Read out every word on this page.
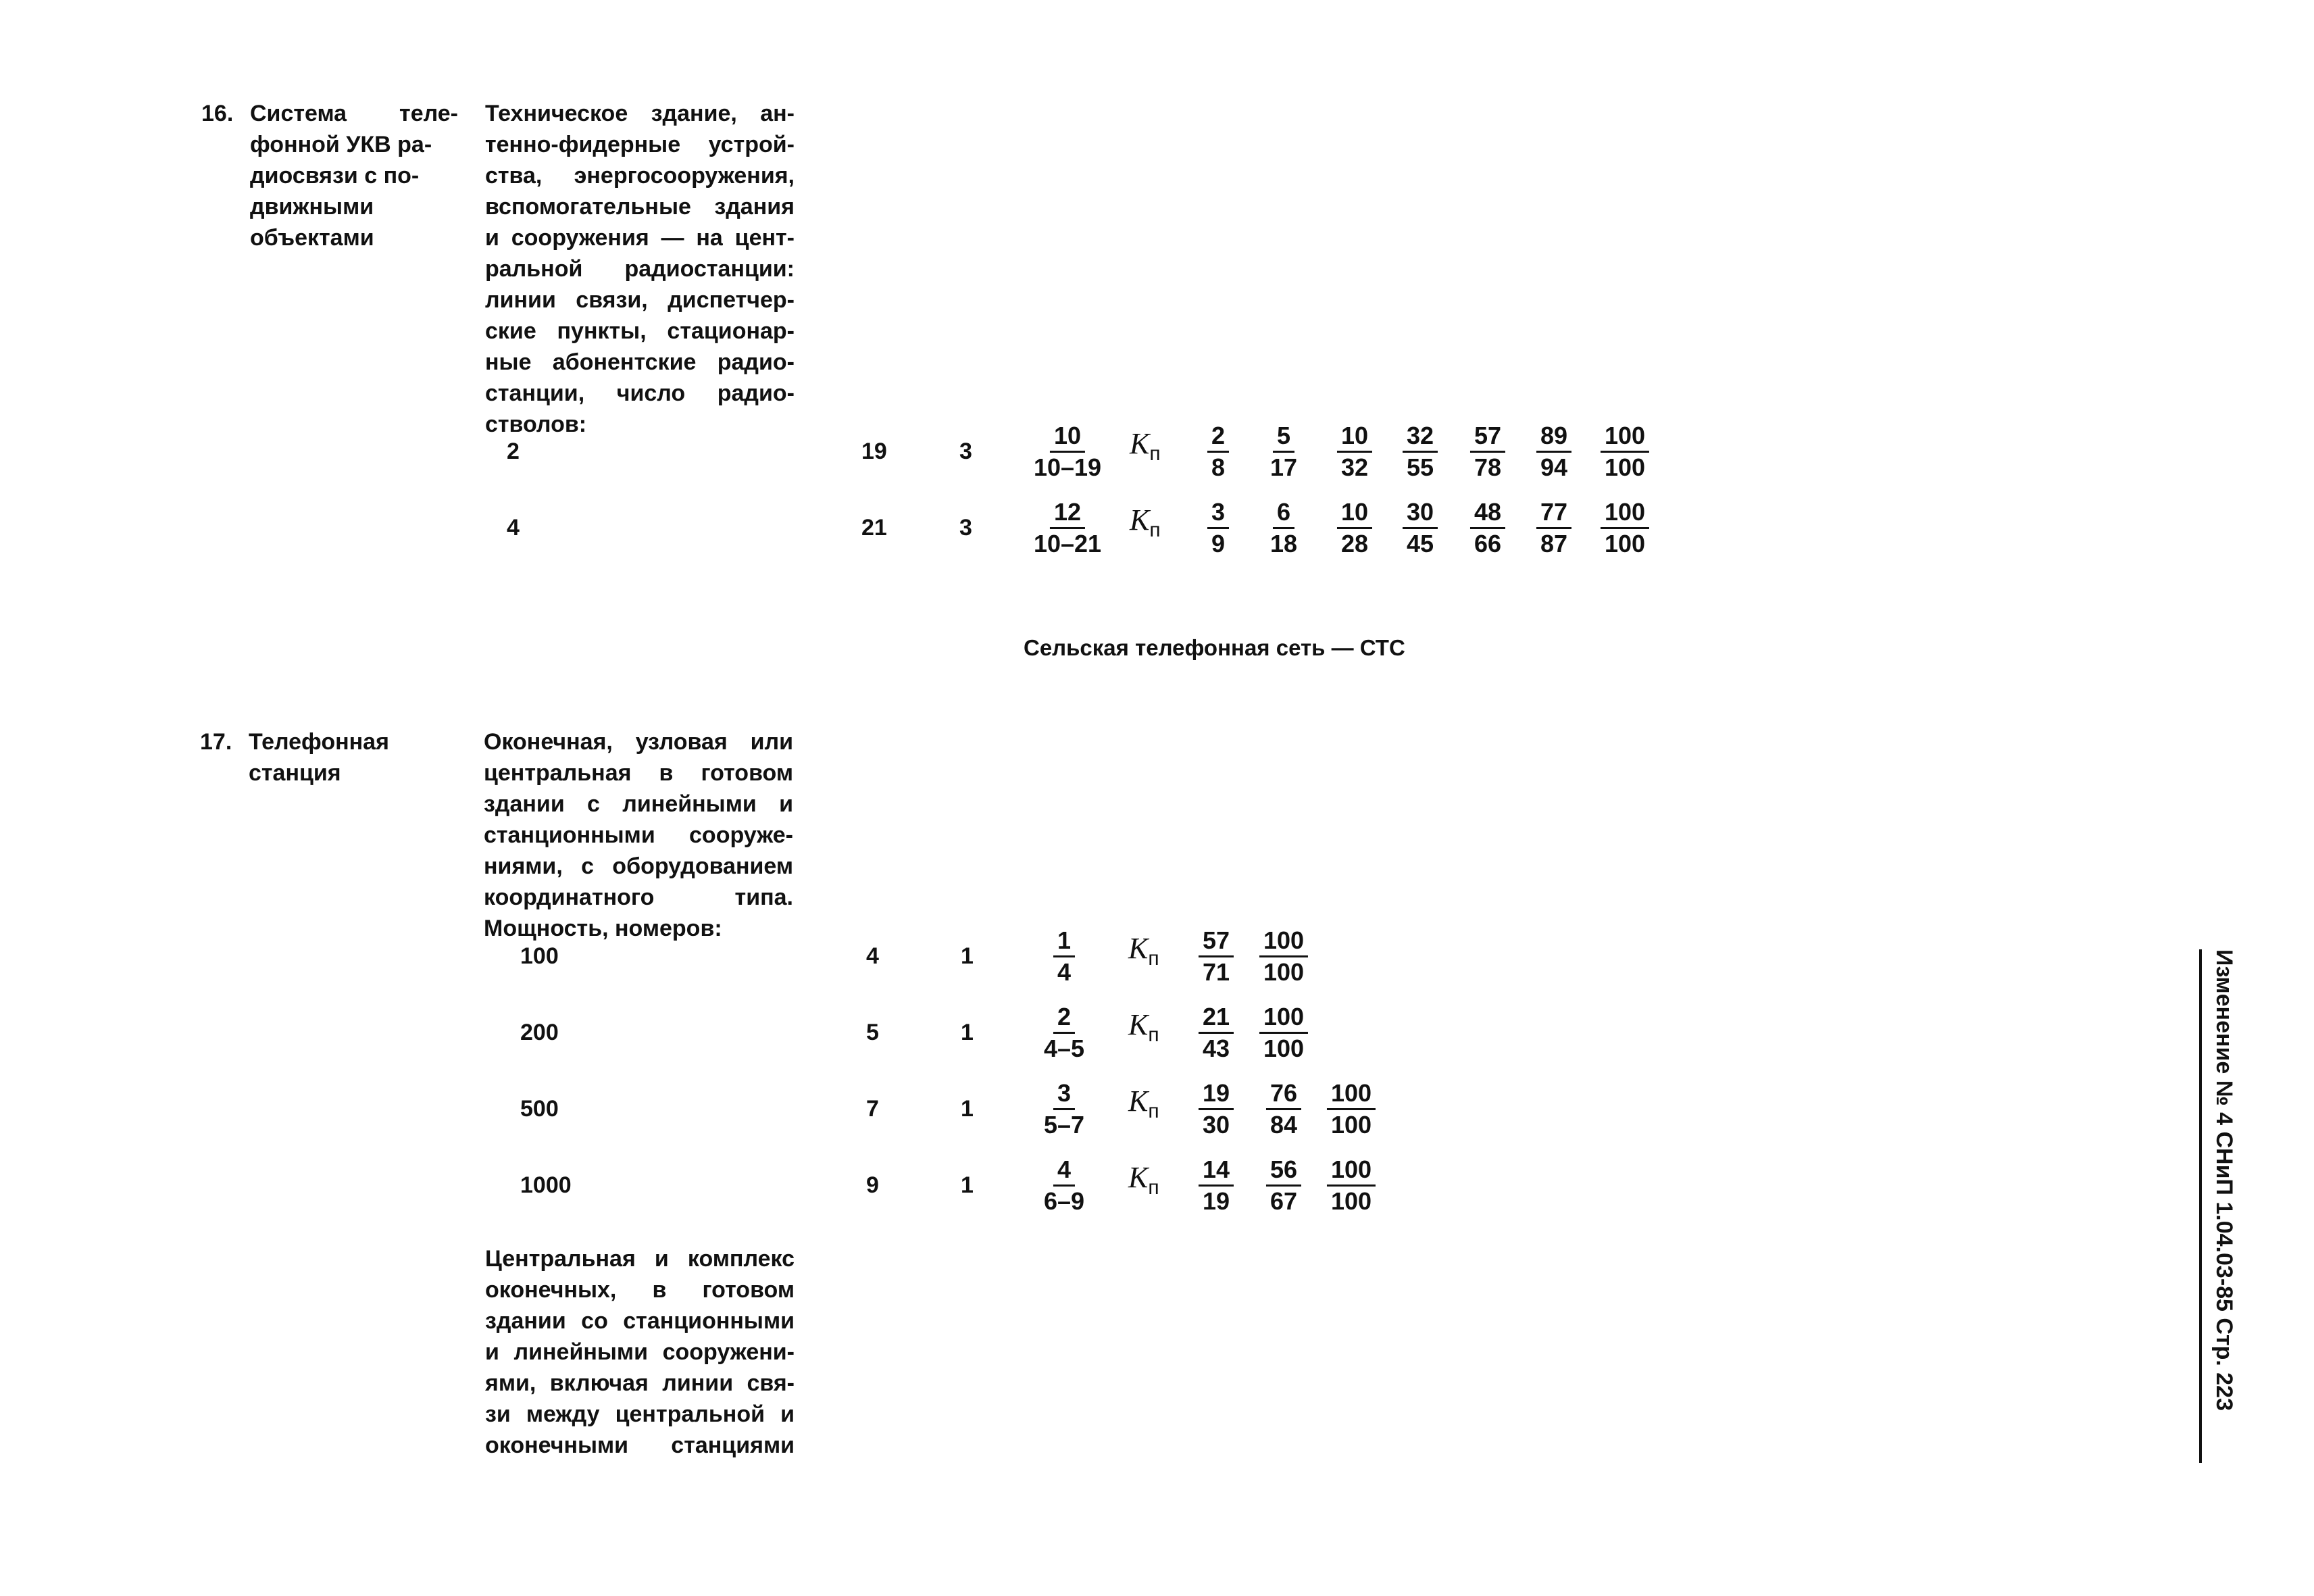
16. Система теле-
фонной УКВ ра-
диосвязи с по-
движными
объектами
Техническое здание, ан-
тенно-фидерные устрой-
ства, энергосооружения,
вспомогательные здания
и сооружения — на цент-
ральной радиостанции:
линии связи, диспетчер-
ские пункты, стационар-
ные абонентские радио-
станции, число радио-
стволов:
2	19	$3 \frac{10}{10-19} K_п \frac{2}{8} \frac{5}{17} \frac{10}{32} \frac{32}{55} \frac{57}{78} \frac{89}{94} \frac{100}{100}$
4	21	$3 \frac{12}{10-21} K_п \frac{3}{9} \frac{6}{18} \frac{10}{28} \frac{30}{45} \frac{48}{66} \frac{77}{87} \frac{100}{100}$
Сельская телефонная сеть — СТС
17. Телефонная
станция
Оконечная, узловая или
центральная в готовом
здании с линейными и
станционными сооруже-
ниями, с оборудованием
координатного типа.
Мощность, номеров:
100	4	1	$\frac{1}{4} K_п \frac{57}{71} \frac{100}{100}$
200	5	1	$\frac{2}{4-5} K_п \frac{21}{43} \frac{100}{100}$
500	7	1	$\frac{3}{5-7} K_п \frac{19}{30} \frac{76}{84} \frac{100}{100}$
1000	9	1	$\frac{4}{6-9} K_п \frac{14}{19} \frac{56}{67} \frac{100}{100}$
Центральная и комплекс
оконечных, в готовом
здании со станционными
и линейными сооружени-
ями, включая линии свя-
зи между центральной и
оконечными станциями
Изменение № 4 СНиП 1.04.03-85 Стр. 223
